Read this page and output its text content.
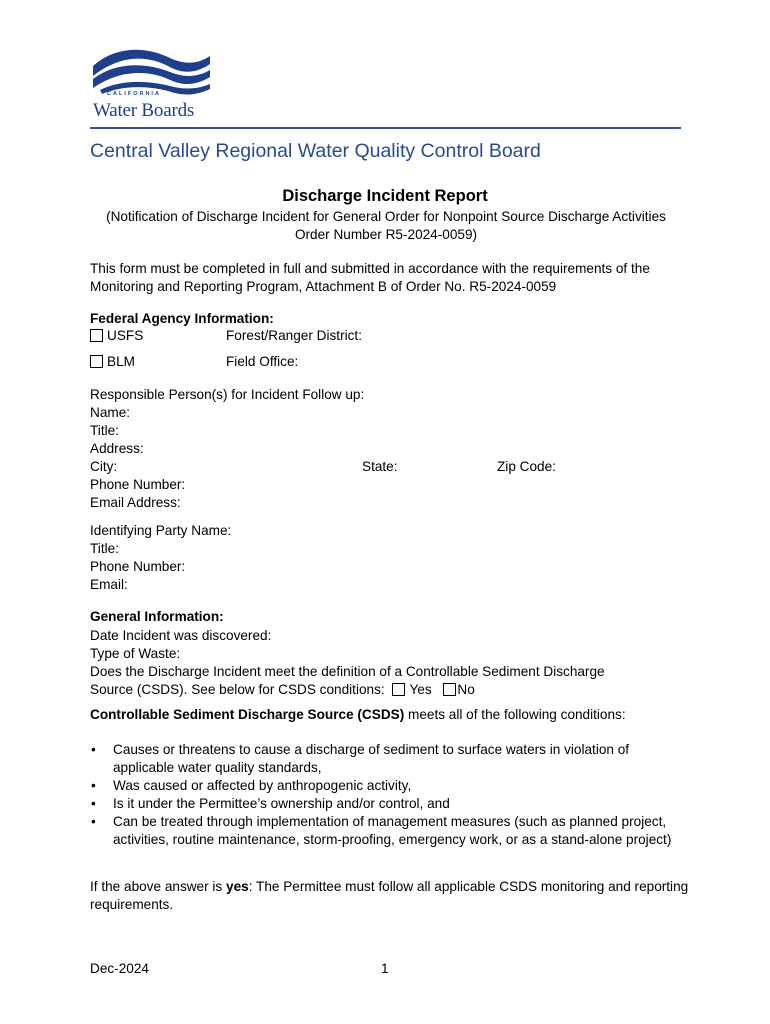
CALIFORNIA
Water Boards
Central Valley Regional Water Quality Control Board
Discharge Incident Report
(Notification of Discharge Incident for General Order for Nonpoint Source Discharge Activities Order Number R5-2024-0059)
This form must be completed in full and submitted in accordance with the requirements of the Monitoring and Reporting Program, Attachment B of Order No. R5-2024-0059
Federal Agency Information:
USFS	Forest/Ranger District:
BLM	Field Office:
Responsible Person(s) for Incident Follow up:
Name:
Title:
Address:
City:	State:	Zip Code:
Phone Number:
Email Address:
Identifying Party Name:
Title:
Phone Number:
Email:
General Information:
Date Incident was discovered:
Type of Waste:
Does the Discharge Incident meet the definition of a Controllable Sediment Discharge
Source (CSDS). See below for CSDS conditions: Yes No
Controllable Sediment Discharge Source (CSDS) meets all of the following conditions:
• Causes or threatens to cause a discharge of sediment to surface waters in violation of applicable water quality standards,
• Was caused or affected by anthropogenic activity,
• Is it under the Permittee’s ownership and/or control, and
• Can be treated through implementation of management measures (such as planned project, activities, routine maintenance, storm-proofing, emergency work, or as a stand-alone project)
If the above answer is yes: The Permittee must follow all applicable CSDS monitoring and reporting requirements.
Dec-2024	1
